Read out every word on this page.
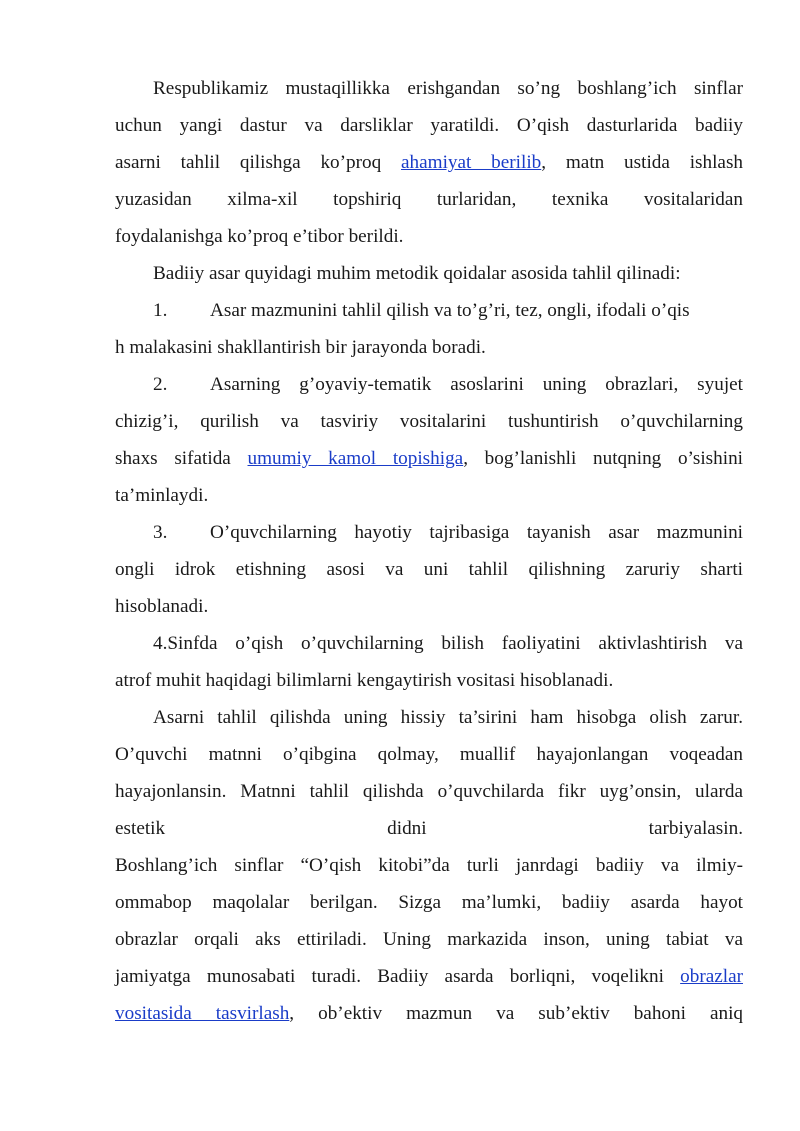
Respublikamiz mustaqillikka erishgandan so’ng boshlang’ich sinflar
uchun yangi dastur va darsliklar yaratildi. O’qish dasturlarida badiiy
asarni tahlil qilishga ko’proq ahamiyat berilib, matn ustida ishlash
yuzasidan xilma-xil topshiriq turlaridan, texnika vositalaridan
foydalanishga ko’proq e’tibor berildi.
Badiiy asar quyidagi muhim metodik qoidalar asosida tahlil qilinadi:
1. Asar mazmunini tahlil qilish va to’g’ri, tez, ongli, ifodali o’qis
h malakasini shakllantirish bir jarayonda boradi.
2. Asarning g’oyaviy-tematik asoslarini uning obrazlari, syujet
chizig’i, qurilish va tasviriy vositalarini tushuntirish o’quvchilarning
shaxs sifatida umumiy kamol topishiga, bog’lanishli nutqning o’sishini
ta’minlaydi.
3. O’quvchilarning hayotiy tajribasiga tayanish asar mazmunini
ongli idrok etishning asosi va uni tahlil qilishning zaruriy sharti
hisoblanadi.
4.Sinfda o’qish o’quvchilarning bilish faoliyatini aktivlashtirish va
atrof muhit haqidagi bilimlarni kengaytirish vositasi hisoblanadi.
Asarni tahlil qilishda uning hissiy ta’sirini ham hisobga olish zarur.
O’quvchi matnni o’qibgina qolmay, muallif hayajonlangan voqeadan
hayajonlansin. Matnni tahlil qilishda o’quvchilarda fikr uyg’onsin, ularda
estetik didni tarbiyalasin.
Boshlang’ich sinflar “O’qish kitobi”da turli janrdagi badiiy va ilmiy-
ommabop maqolalar berilgan. Sizga ma’lumki, badiiy asarda hayot
obrazlar orqali aks ettiriladi. Uning markazida inson, uning tabiat va
jamiyatga munosabati turadi. Badiiy asarda borliqni, voqelikni obrazlar
vositasida tasvirlash, ob’ektiv mazmun va sub’ektiv bahoni aniq
